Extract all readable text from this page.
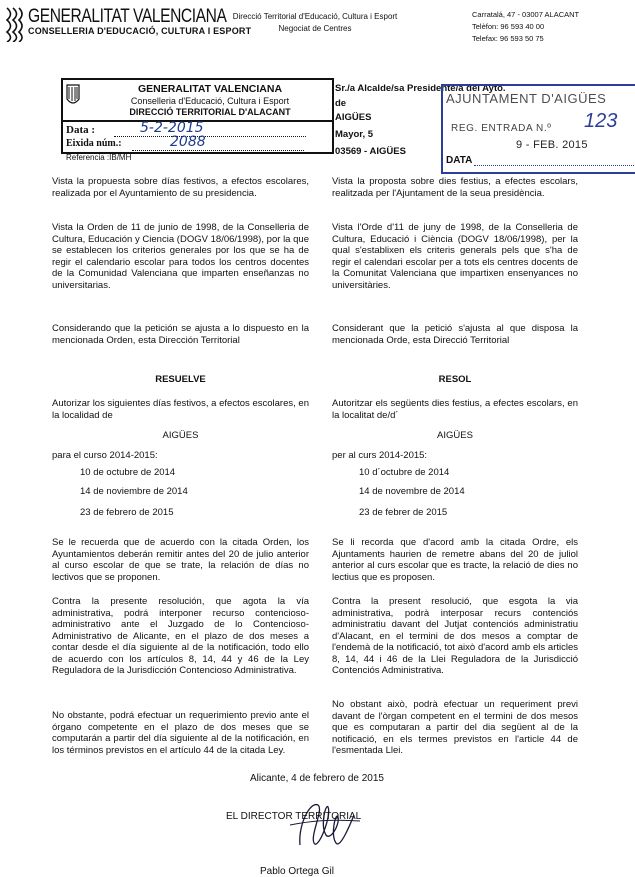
GENERALITAT VALENCIANA
CONSELLERIA D'EDUCACIÓ, CULTURA I ESPORT
Direcció Territorial d'Educació, Cultura i Esport
Negociat de Centres
Carratalá, 47 - 03007 ALACANT
Telèfon: 96 593 40 00
Telefax: 96 593 50 75
GENERALITAT VALENCIANA
Conselleria d'Educació, Cultura i Esport
DIRECCIÓ TERRITORIAL D'ALACANT
Data :	5-2-2015
Eixida núm.:	2088
Referencia :IB/MH
Sr./a Alcalde/sa Presidente/a del Ayto.
de
AIGÜES
Mayor, 5
03569 - AIGÜES
AJUNTAMENT D'AIGÜES
REG. ENTRADA N.º 123
9 - FEB. 2015
DATA
Vista la propuesta sobre días festivos, a efectos escolares, realizada por el Ayuntamiento de su presidencia.
Vista la Orden de 11 de junio de 1998, de la Conselleria de Cultura, Educación y Ciencia (DOGV 18/06/1998), por la que se establecen los criterios generales por los que se ha de regir el calendario escolar para todos los centros docentes de la Comunidad Valenciana que imparten enseñanzas no universitarias.
Considerando que la petición se ajusta a lo dispuesto en la mencionada Orden, esta Dirección Territorial
RESUELVE
Autorizar los siguientes días festivos, a efectos escolares, en la localidad de
AIGÜES
para el curso 2014-2015:
10 de octubre de 2014
14 de noviembre de 2014
23 de febrero de 2015
Se le recuerda que de acuerdo con la citada Orden, los Ayuntamientos deberán remitir antes del 20 de julio anterior al curso escolar de que se trate, la relación de días no lectivos que se proponen.
Contra la presente resolución, que agota la vía administrativa, podrá interponer recurso contencioso-administrativo ante el Juzgado de lo Contencioso-Administrativo de Alicante, en el plazo de dos meses a contar desde el día siguiente al de la notificación, todo ello de acuerdo con los artículos 8, 14, 44 y 46 de la Ley Reguladora de la Jurisdicción Contencioso Administrativa.
No obstante, podrá efectuar un requerimiento previo ante el órgano competente en el plazo de dos meses que se computarán a partir del día siguiente al de la notificación, en los términos previstos en el artículo 44 de la citada Ley.
Vista la proposta sobre dies festius, a efectes escolars, realitzada per l'Ajuntament de la seua presidència.
Vista l'Orde d'11 de juny de 1998, de la Conselleria de Cultura, Educació i Ciència (DOGV 18/06/1998), per la qual s'establixen els criteris generals pels que s'ha de regir el calendari escolar per a tots els centres docents de la Comunitat Valenciana que impartixen ensenyances no universitàries.
Considerant que la petició s'ajusta al que disposa la mencionada Orde, esta Direcció Territorial
RESOL
Autoritzar els següents dies festius, a efectes escolars, en la localitat de/d´
AIGÜES
per al curs 2014-2015:
10 d´octubre de 2014
14 de novembre de 2014
23 de febrer de 2015
Se li recorda que d'acord amb la citada Ordre, els Ajuntaments haurien de remetre abans del 20 de juliol anterior al curs escolar que es tracte, la relació de dies no lectius que es proposen.
Contra la present resolució, que esgota la via administrativa, podrà interposar recurs contenciós administratiu davant del Jutjat contenciós administratiu d'Alacant, en el termini de dos mesos a comptar de l'endemà de la notificació, tot això d'acord amb els articles 8, 14, 44 i 46 de la Llei Reguladora de la Jurisdicció Contenciós Administrativa.
No obstant això, podrà efectuar un requeriment previ davant de l'òrgan competent en el termini de dos mesos que es computaran a partir del dia següent al de la notificació, en els termes previstos en l'article 44 de l'esmentada Llei.
Alicante, 4 de febrero de 2015
EL DIRECTOR TERRITORIAL
Pablo Ortega Gil
